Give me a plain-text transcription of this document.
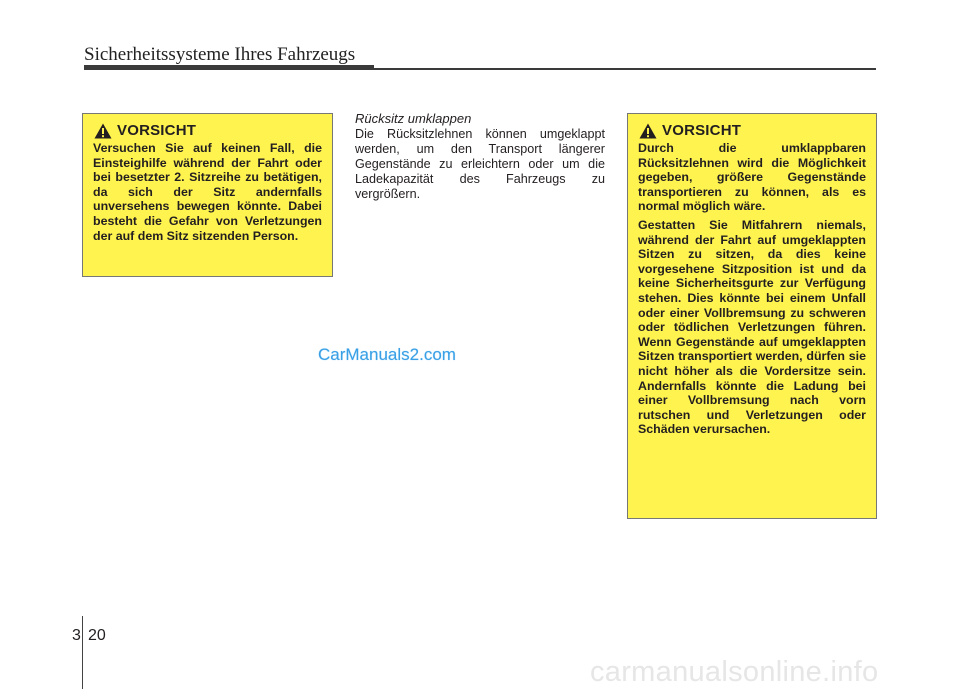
Sicherheitssysteme Ihres Fahrzeugs
VORSICHT

Versuchen Sie auf keinen Fall, die Einsteighilfe während der Fahrt oder bei besetzter 2. Sitzreihe zu betätigen, da sich der Sitz andernfalls unversehens bewegen könnte. Dabei besteht die Gefahr von Verletzungen der auf dem Sitz sitzenden Person.

Rücksitz umklappen

Die Rücksitzlehnen können umgeklappt werden, um den Transport längerer Gegenstände zu erleichtern oder um die Ladekapazität des Fahrzeugs zu vergrößern.

VORSICHT

Durch die umklappbaren Rücksitzlehnen wird die Möglichkeit gegeben, größere Gegenstände transportieren zu können, als es normal möglich wäre.

Gestatten Sie Mitfahrern niemals, während der Fahrt auf umgeklappten Sitzen zu sitzen, da dies keine vorgesehene Sitzposition ist und da keine Sicherheitsgurte zur Verfügung stehen. Dies könnte bei einem Unfall oder einer Vollbremsung zu schweren oder tödlichen Verletzungen führen. Wenn Gegenstände auf umgeklappten Sitzen transportiert werden, dürfen sie nicht höher als die Vordersitze sein. Andernfalls könnte die Ladung bei einer Vollbremsung nach vorn rutschen und Verletzungen oder Schäden verursachen.

CarManuals2.com
3 20
carmanualsonline.info
